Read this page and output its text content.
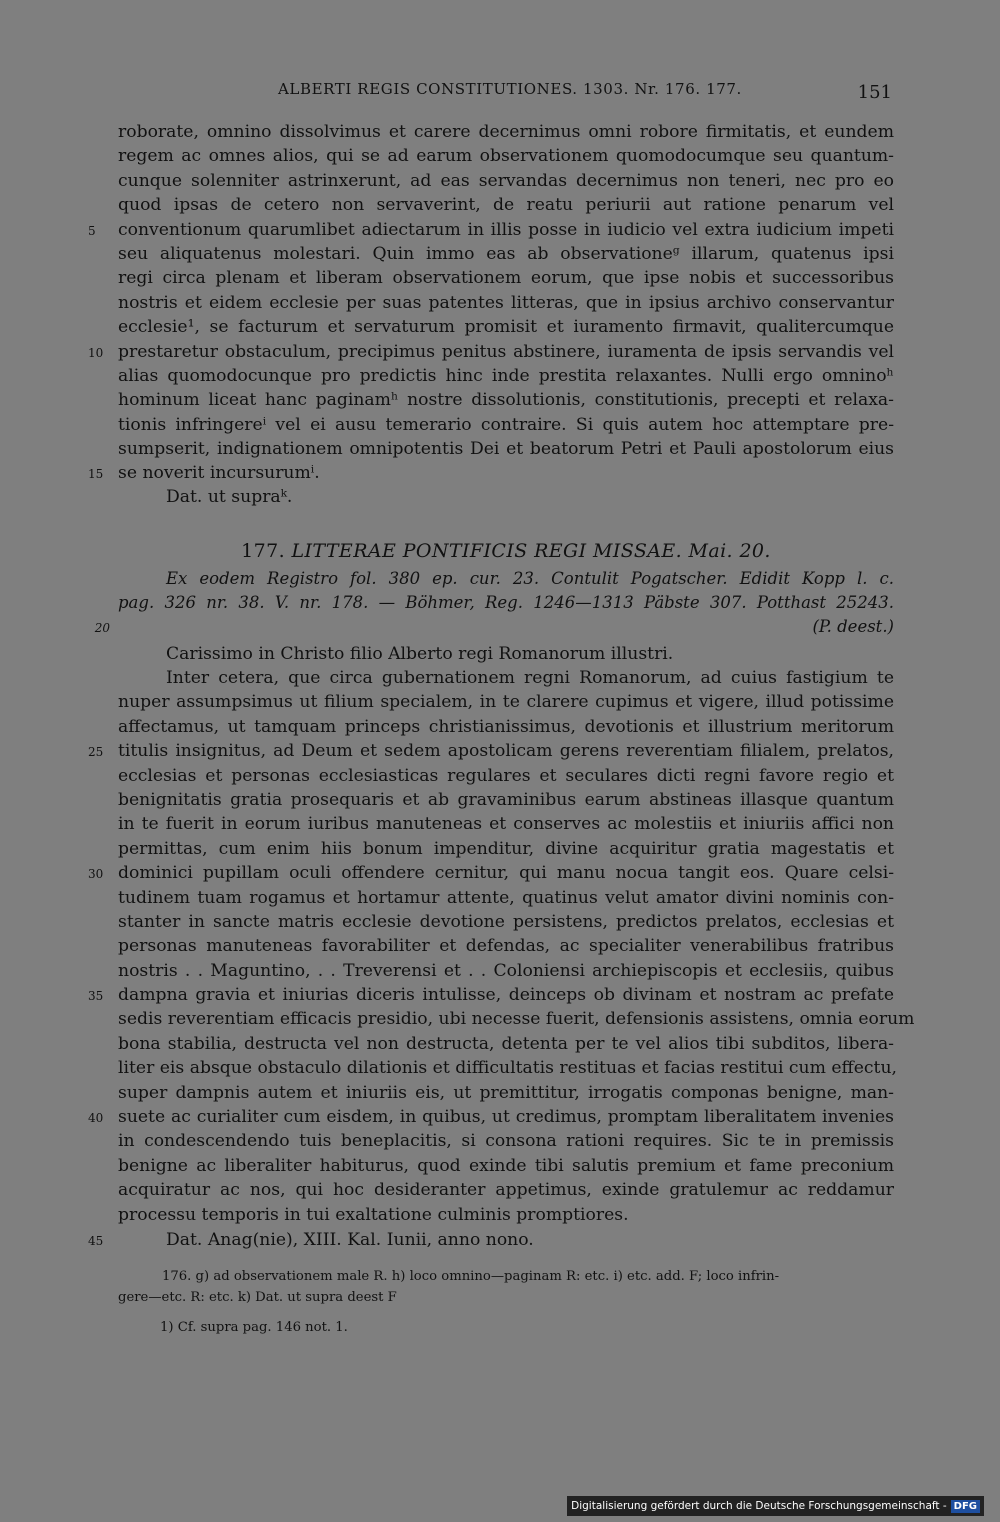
ALBERTI REGIS CONSTITUTIONES. 1303. Nr. 176. 177.	151
roborate, omnino dissolvimus et carere decernimus omni robore firmitatis, et eundem
regem ac omnes alios, qui se ad earum observationem quomodocumque seu quantum-
cunque solenniter astrinxerunt, ad eas servandas decernimus non teneri, nec pro eo
quod ipsas de cetero non servaverint, de reatu periurii aut ratione penarum vel
5	conventionum quarumlibet adiectarum in illis posse in iudicio vel extra iudicium impeti
seu aliquatenus molestari. Quin immo eas ab observationeᵍ illarum, quatenus ipsi
regi circa plenam et liberam observationem eorum, que ipse nobis et successoribus
nostris et eidem ecclesie per suas patentes litteras, que in ipsius archivo conservantur
ecclesie¹, se facturum et servaturum promisit et iuramento firmavit, qualitercumque
10 prestaretur obstaculum, precipimus penitus abstinere, iuramenta de ipsis servandis vel
alias quomodocunque pro predictis hinc inde prestita relaxantes. Nulli ergo omninoʰ
hominum liceat hanc paginamʰ nostre dissolutionis, constitutionis, precepti et relaxa-
tionis infringereⁱ vel ei ausu temerario contraire. Si quis autem hoc attemptare pre-
sumpserit, indignationem omnipotentis Dei et beatorum Petri et Pauli apostolorum eius
15 se noverit incursurumⁱ.
Dat. ut supraᵏ.
177. LITTERAE PONTIFICIS REGI MISSAE. Mai. 20.
Ex eodem Registro fol. 380 ep. cur. 23. Contulit Pogatscher. Edidit Kopp l. c.
pag. 326 nr. 38. V. nr. 178. — Böhmer, Reg. 1246—1313 Päbste 307. Potthast 25243.
20	(P. deest.)
Carissimo in Christo filio Alberto regi Romanorum illustri.
Inter cetera, que circa gubernationem regni Romanorum, ad cuius fastigium te
nuper assumpsimus ut filium specialem, in te clarere cupimus et vigere, illud potissime
affectamus, ut tamquam princeps christianissimus, devotionis et illustrium meritorum
25 titulis insignitus, ad Deum et sedem apostolicam gerens reverentiam filialem, prelatos,
ecclesias et personas ecclesiasticas regulares et seculares dicti regni favore regio et
benignitatis gratia prosequaris et ab gravaminibus earum abstineas illasque quantum
in te fuerit in eorum iuribus manuteneas et conserves ac molestiis et iniuriis affici non
permittas, cum enim hiis bonum impenditur, divine acquiritur gratia magestatis et
30 dominici pupillam oculi offendere cernitur, qui manu nocua tangit eos. Quare celsi-
tudinem tuam rogamus et hortamur attente, quatinus velut amator divini nominis con-
stanter in sancte matris ecclesie devotione persistens, predictos prelatos, ecclesias et
personas manuteneas favorabiliter et defendas, ac specialiter venerabilibus fratribus
nostris . . Maguntino, . . Treverensi et . . Coloniensi archiepiscopis et ecclesiis, quibus
35 dampna gravia et iniurias diceris intulisse, deinceps ob divinam et nostram ac prefate
sedis reverentiam efficacis presidio, ubi necesse fuerit, defensionis assistens, omnia eorum
bona stabilia, destructa vel non destructa, detenta per te vel alios tibi subditos, libera-
liter eis absque obstaculo dilationis et difficultatis restituas et facias restitui cum effectu,
super dampnis autem et iniuriis eis, ut premittitur, irrogatis componas benigne, man-
40 suete ac curialiter cum eisdem, in quibus, ut credimus, promptam liberalitatem invenies
in condescendendo tuis beneplacitis, si consona rationi requires. Sic te in premissis
benigne ac liberaliter habiturus, quod exinde tibi salutis premium et fame preconium
acquiratur ac nos, qui hoc desideranter appetimus, exinde gratulemur ac reddamur
processu temporis in tui exaltatione culminis promptiores.
45	Dat. Anag(nie), XIII. Kal. Iunii, anno nono.
176. g) ad observationem male R. h) loco omnino—paginam R: etc. i) etc. add. F; loco infrin-
gere—etc. R: etc. k) Dat. ut supra deest F
1) Cf. supra pag. 146 not. 1.
Digitalisierung gefördert durch die Deutsche Forschungsgemeinschaft - DFG
